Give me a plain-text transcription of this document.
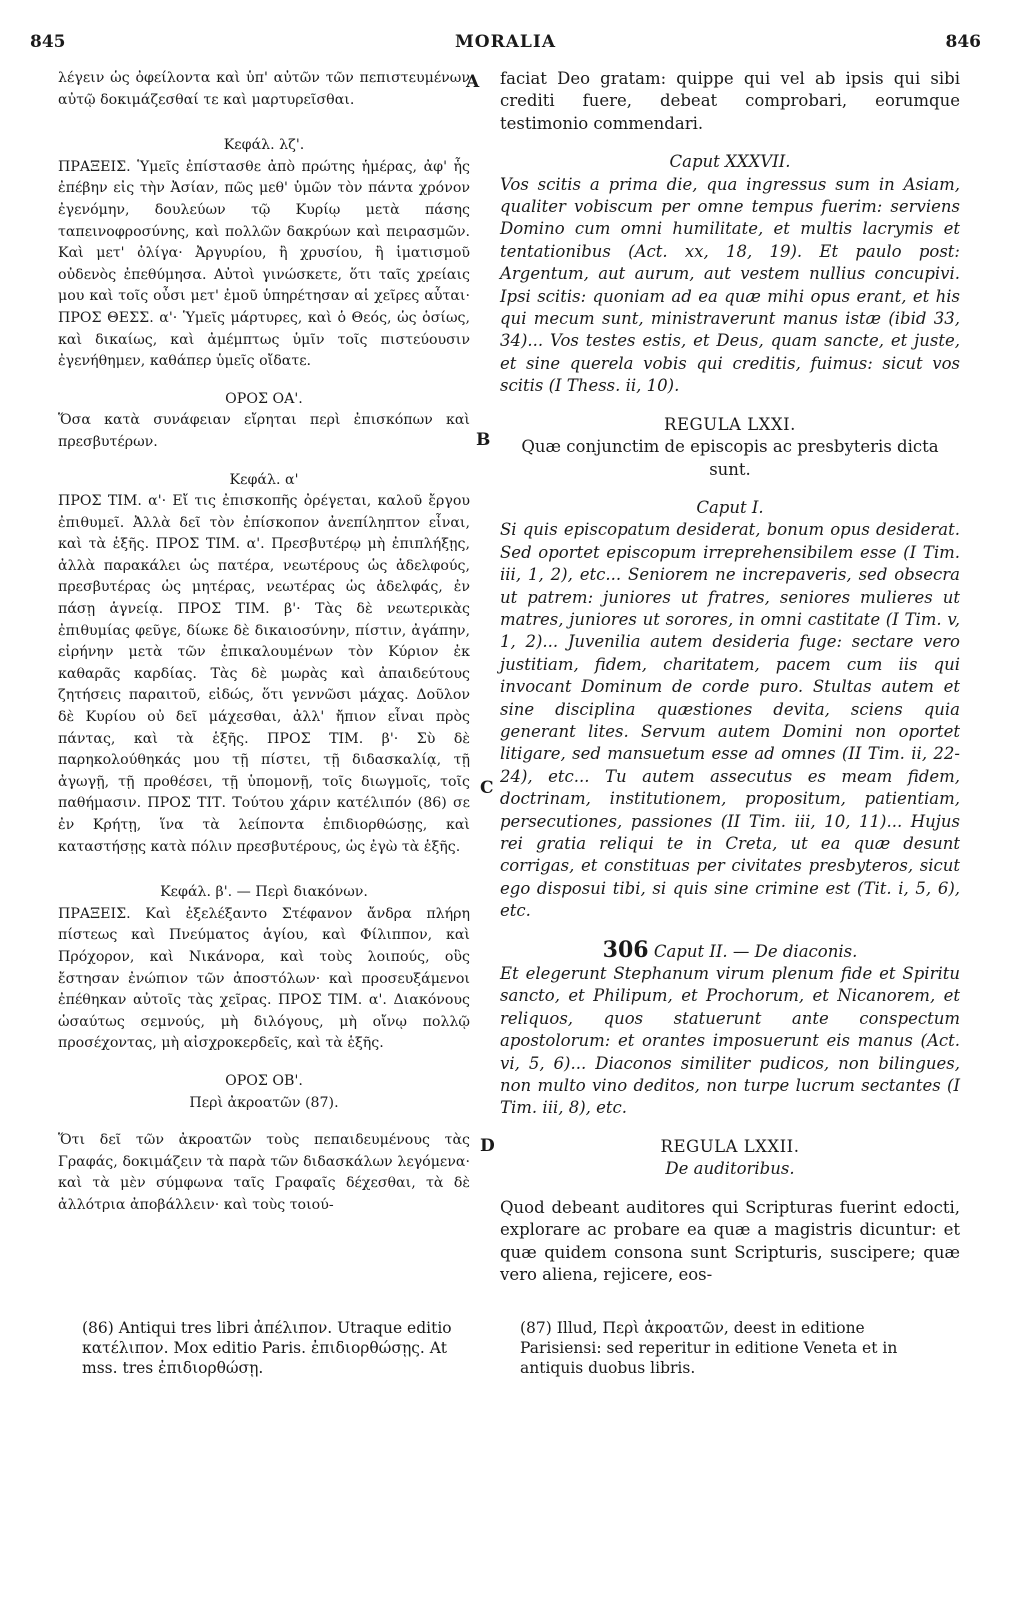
845	MORALIA	846
A
B
C
D

λέγειν ὡς ὀφείλοντα καὶ ὑπ' αὐτῶν τῶν πεπιστευμένων αὐτῷ δοκιμάζεσθαί τε καὶ μαρτυρεῖσθαι.

Κεφάλ. λζ'.

ΠΡΑΞΕΙΣ. Ὑμεῖς ἐπίστασθε ἀπὸ πρώτης ἡμέρας, ἀφ' ἧς ἐπέβην εἰς τὴν Ἀσίαν, πῶς μεθ' ὑμῶν τὸν πάντα χρόνον ἐγενόμην, δουλεύων τῷ Κυρίῳ μετὰ πάσης ταπεινοφροσύνης, καὶ πολλῶν δακρύων καὶ πειρασμῶν. Καὶ μετ' ὀλίγα· Ἀργυρίου, ἢ χρυσίου, ἢ ἱματισμοῦ οὐδενὸς ἐπεθύμησα. Αὐτοὶ γινώσκετε, ὅτι ταῖς χρείαις μου καὶ τοῖς οὖσι μετ' ἐμοῦ ὑπηρέτησαν αἱ χεῖρες αὗται· ΠΡΟΣ ΘΕΣΣ. α'· Ὑμεῖς μάρτυρες, καὶ ὁ Θεός, ὡς ὁσίως, καὶ δικαίως, καὶ ἀμέμπτως ὑμῖν τοῖς πιστεύουσιν ἐγενήθημεν, καθάπερ ὑμεῖς οἴδατε.

ΟΡΟΣ ΟΑ'.

Ὅσα κατὰ συνάφειαν εἴρηται περὶ ἐπισκόπων καὶ πρεσβυτέρων.

Κεφάλ. α'

ΠΡΟΣ ΤΙΜ. α'· Εἴ τις ἐπισκοπῆς ὀρέγεται, καλοῦ ἔργου ἐπιθυμεῖ. Ἀλλὰ δεῖ τὸν ἐπίσκοπον ἀνεπίληπτον εἶναι, καὶ τὰ ἑξῆς. ΠΡΟΣ ΤΙΜ. α'. Πρεσβυτέρῳ μὴ ἐπιπλήξῃς, ἀλλὰ παρακάλει ὡς πατέρα, νεωτέρους ὡς ἀδελφούς, πρεσβυτέρας ὡς μητέρας, νεωτέρας ὡς ἀδελφάς, ἐν πάσῃ ἁγνείᾳ. ΠΡΟΣ ΤΙΜ. β'· Τὰς δὲ νεωτερικὰς ἐπιθυμίας φεῦγε, δίωκε δὲ δικαιοσύνην, πίστιν, ἀγάπην, εἰρήνην μετὰ τῶν ἐπικαλουμένων τὸν Κύριον ἐκ καθαρᾶς καρδίας. Τὰς δὲ μωρὰς καὶ ἀπαιδεύτους ζητήσεις παραιτοῦ, εἰδώς, ὅτι γεννῶσι μάχας. Δοῦλον δὲ Κυρίου οὐ δεῖ μάχεσθαι, ἀλλ' ἤπιον εἶναι πρὸς πάντας, καὶ τὰ ἑξῆς. ΠΡΟΣ ΤΙΜ. β'· Σὺ δὲ παρηκολούθηκάς μου τῇ πίστει, τῇ διδασκαλίᾳ, τῇ ἀγωγῇ, τῇ προθέσει, τῇ ὑπομονῇ, τοῖς διωγμοῖς, τοῖς παθήμασιν. ΠΡΟΣ ΤΙΤ. Τούτου χάριν κατέλιπόν (86) σε ἐν Κρήτῃ, ἵνα τὰ λείποντα ἐπιδιορθώσῃς, καὶ καταστήσῃς κατὰ πόλιν πρεσβυτέρους, ὡς ἐγὼ τὰ ἑξῆς.

Κεφάλ. β'. — Περὶ διακόνων.

ΠΡΑΞΕΙΣ. Καὶ ἐξελέξαντο Στέφανον ἄνδρα πλήρη πίστεως καὶ Πνεύματος ἁγίου, καὶ Φίλιππον, καὶ Πρόχορον, καὶ Νικάνορα, καὶ τοὺς λοιπούς, οὓς ἔστησαν ἐνώπιον τῶν ἀποστόλων· καὶ προσευξάμενοι ἐπέθηκαν αὐτοῖς τὰς χεῖρας. ΠΡΟΣ ΤΙΜ. α'. Διακόνους ὡσαύτως σεμνούς, μὴ διλόγους, μὴ οἴνῳ πολλῷ προσέχοντας, μὴ αἰσχροκερδεῖς, καὶ τὰ ἑξῆς.

ΟΡΟΣ ΟΒ'.

Περὶ ἀκροατῶν (87).

Ὅτι δεῖ τῶν ἀκροατῶν τοὺς πεπαιδευμένους τὰς Γραφάς, δοκιμάζειν τὰ παρὰ τῶν διδασκάλων λεγόμενα· καὶ τὰ μὲν σύμφωνα ταῖς Γραφαῖς δέχεσθαι, τὰ δὲ ἀλλότρια ἀποβάλλειν· καὶ τοὺς τοιού-

faciat Deo gratam: quippe qui vel ab ipsis qui sibi crediti fuere, debeat comprobari, eorumque testimonio commendari.

Caput XXXVII.

Vos scitis a prima die, qua ingressus sum in Asiam, qualiter vobiscum per omne tempus fuerim: serviens Domino cum omni humilitate, et multis lacrymis et tentationibus (Act. xx, 18, 19). Et paulo post: Argentum, aut aurum, aut vestem nullius concupivi. Ipsi scitis: quoniam ad ea quæ mihi opus erant, et his qui mecum sunt, ministraverunt manus istæ (ibid 33, 34)... Vos testes estis, et Deus, quam sancte, et juste, et sine querela vobis qui creditis, fuimus: sicut vos scitis (I Thess. ii, 10).

REGULA LXXI.

Quæ conjunctim de episcopis ac presbyteris dicta sunt.

Caput I.

Si quis episcopatum desiderat, bonum opus desiderat. Sed oportet episcopum irreprehensibilem esse (I Tim. iii, 1, 2), etc... Seniorem ne increpaveris, sed obsecra ut patrem: juniores ut fratres, seniores mulieres ut matres, juniores ut sorores, in omni castitate (I Tim. v, 1, 2)... Juvenilia autem desideria fuge: sectare vero justitiam, fidem, charitatem, pacem cum iis qui invocant Dominum de corde puro. Stultas autem et sine disciplina quæstiones devita, sciens quia generant lites. Servum autem Domini non oportet litigare, sed mansuetum esse ad omnes (II Tim. ii, 22-24), etc... Tu autem assecutus es meam fidem, doctrinam, institutionem, propositum, patientiam, persecutiones, passiones (II Tim. iii, 10, 11)... Hujus rei gratia reliqui te in Creta, ut ea quæ desunt corrigas, et constituas per civitates presbyteros, sicut ego disposui tibi, si quis sine crimine est (Tit. i, 5, 6), etc.

306 Caput II. — De diaconis.

Et elegerunt Stephanum virum plenum fide et Spiritu sancto, et Philipum, et Prochorum, et Nicanorem, et reliquos, quos statuerunt ante conspectum apostolorum: et orantes imposuerunt eis manus (Act. vi, 5, 6)... Diaconos similiter pudicos, non bilingues, non multo vino deditos, non turpe lucrum sectantes (I Tim. iii, 8), etc.

REGULA LXXII.

De auditoribus.

Quod debeant auditores qui Scripturas fuerint edocti, explorare ac probare ea quæ a magistris dicuntur: et quæ quidem consona sunt Scripturis, suscipere; quæ vero aliena, rejicere, eos-

(86) Antiqui tres libri ἀπέλιπον. Utraque editio κατέλιπον. Mox editio Paris. ἐπιδιορθώσῃς. At mss. tres ἐπιδιορθώσῃ.

(87) Illud, Περὶ ἀκροατῶν, deest in editione Parisiensi: sed reperitur in editione Veneta et in antiquis duobus libris.
